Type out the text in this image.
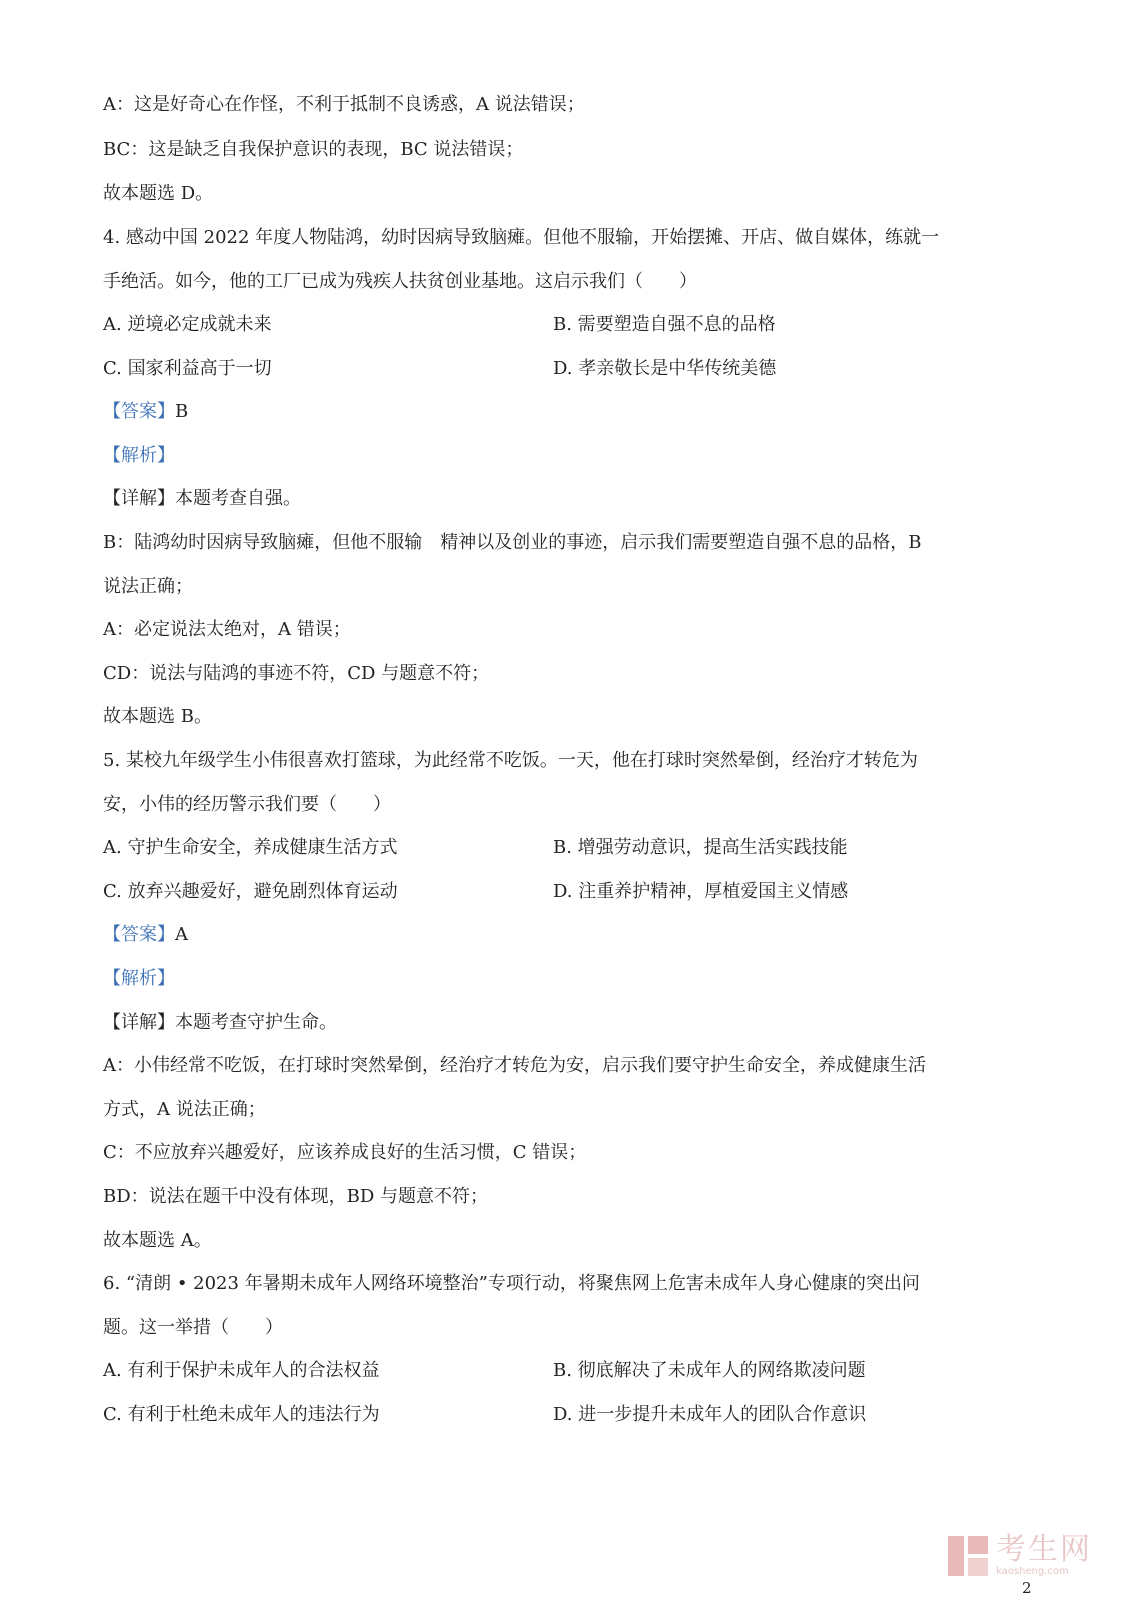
A：这是好奇心在作怪，不利于抵制不良诱惑，A 说法错误；
BC：这是缺乏自我保护意识的表现，BC 说法错误；
故本题选 D。
4. 感动中国 2022 年度人物陆鸿，幼时因病导致脑瘫。但他不服输，开始摆摊、开店、做自媒体，练就一
手绝活。如今，他的工厂已成为残疾人扶贫创业基地。这启示我们（　　）
A. 逆境必定成就未来	B. 需要塑造自强不息的品格
C. 国家利益高于一切	D. 孝亲敬长是中华传统美德
【答案】B
【解析】
【详解】本题考查自强。
B：陆鸿幼时因病导致脑瘫，但他不服输　精神以及创业的事迹，启示我们需要塑造自强不息的品格，B
说法正确；
A：必定说法太绝对，A 错误；
CD：说法与陆鸿的事迹不符，CD 与题意不符；
故本题选 B。
5. 某校九年级学生小伟很喜欢打篮球，为此经常不吃饭。一天，他在打球时突然晕倒，经治疗才转危为
安，小伟的经历警示我们要（　　）
A. 守护生命安全，养成健康生活方式	B. 增强劳动意识，提高生活实践技能
C. 放弃兴趣爱好，避免剧烈体育运动	D. 注重养护精神，厚植爱国主义情感
【答案】A
【解析】
【详解】本题考查守护生命。
A：小伟经常不吃饭，在打球时突然晕倒，经治疗才转危为安，启示我们要守护生命安全，养成健康生活
方式，A 说法正确；
C：不应放弃兴趣爱好，应该养成良好的生活习惯，C 错误；
BD：说法在题干中没有体现，BD 与题意不符；
故本题选 A。
6. “清朗 • 2023 年暑期未成年人网络环境整治”专项行动，将聚焦网上危害未成年人身心健康的突出问
题。这一举措（　　）
A. 有利于保护未成年人的合法权益	B. 彻底解决了未成年人的网络欺凌问题
C. 有利于杜绝未成年人的违法行为	D. 进一步提升未成年人的团队合作意识
考生网
kaosheng.com
2
